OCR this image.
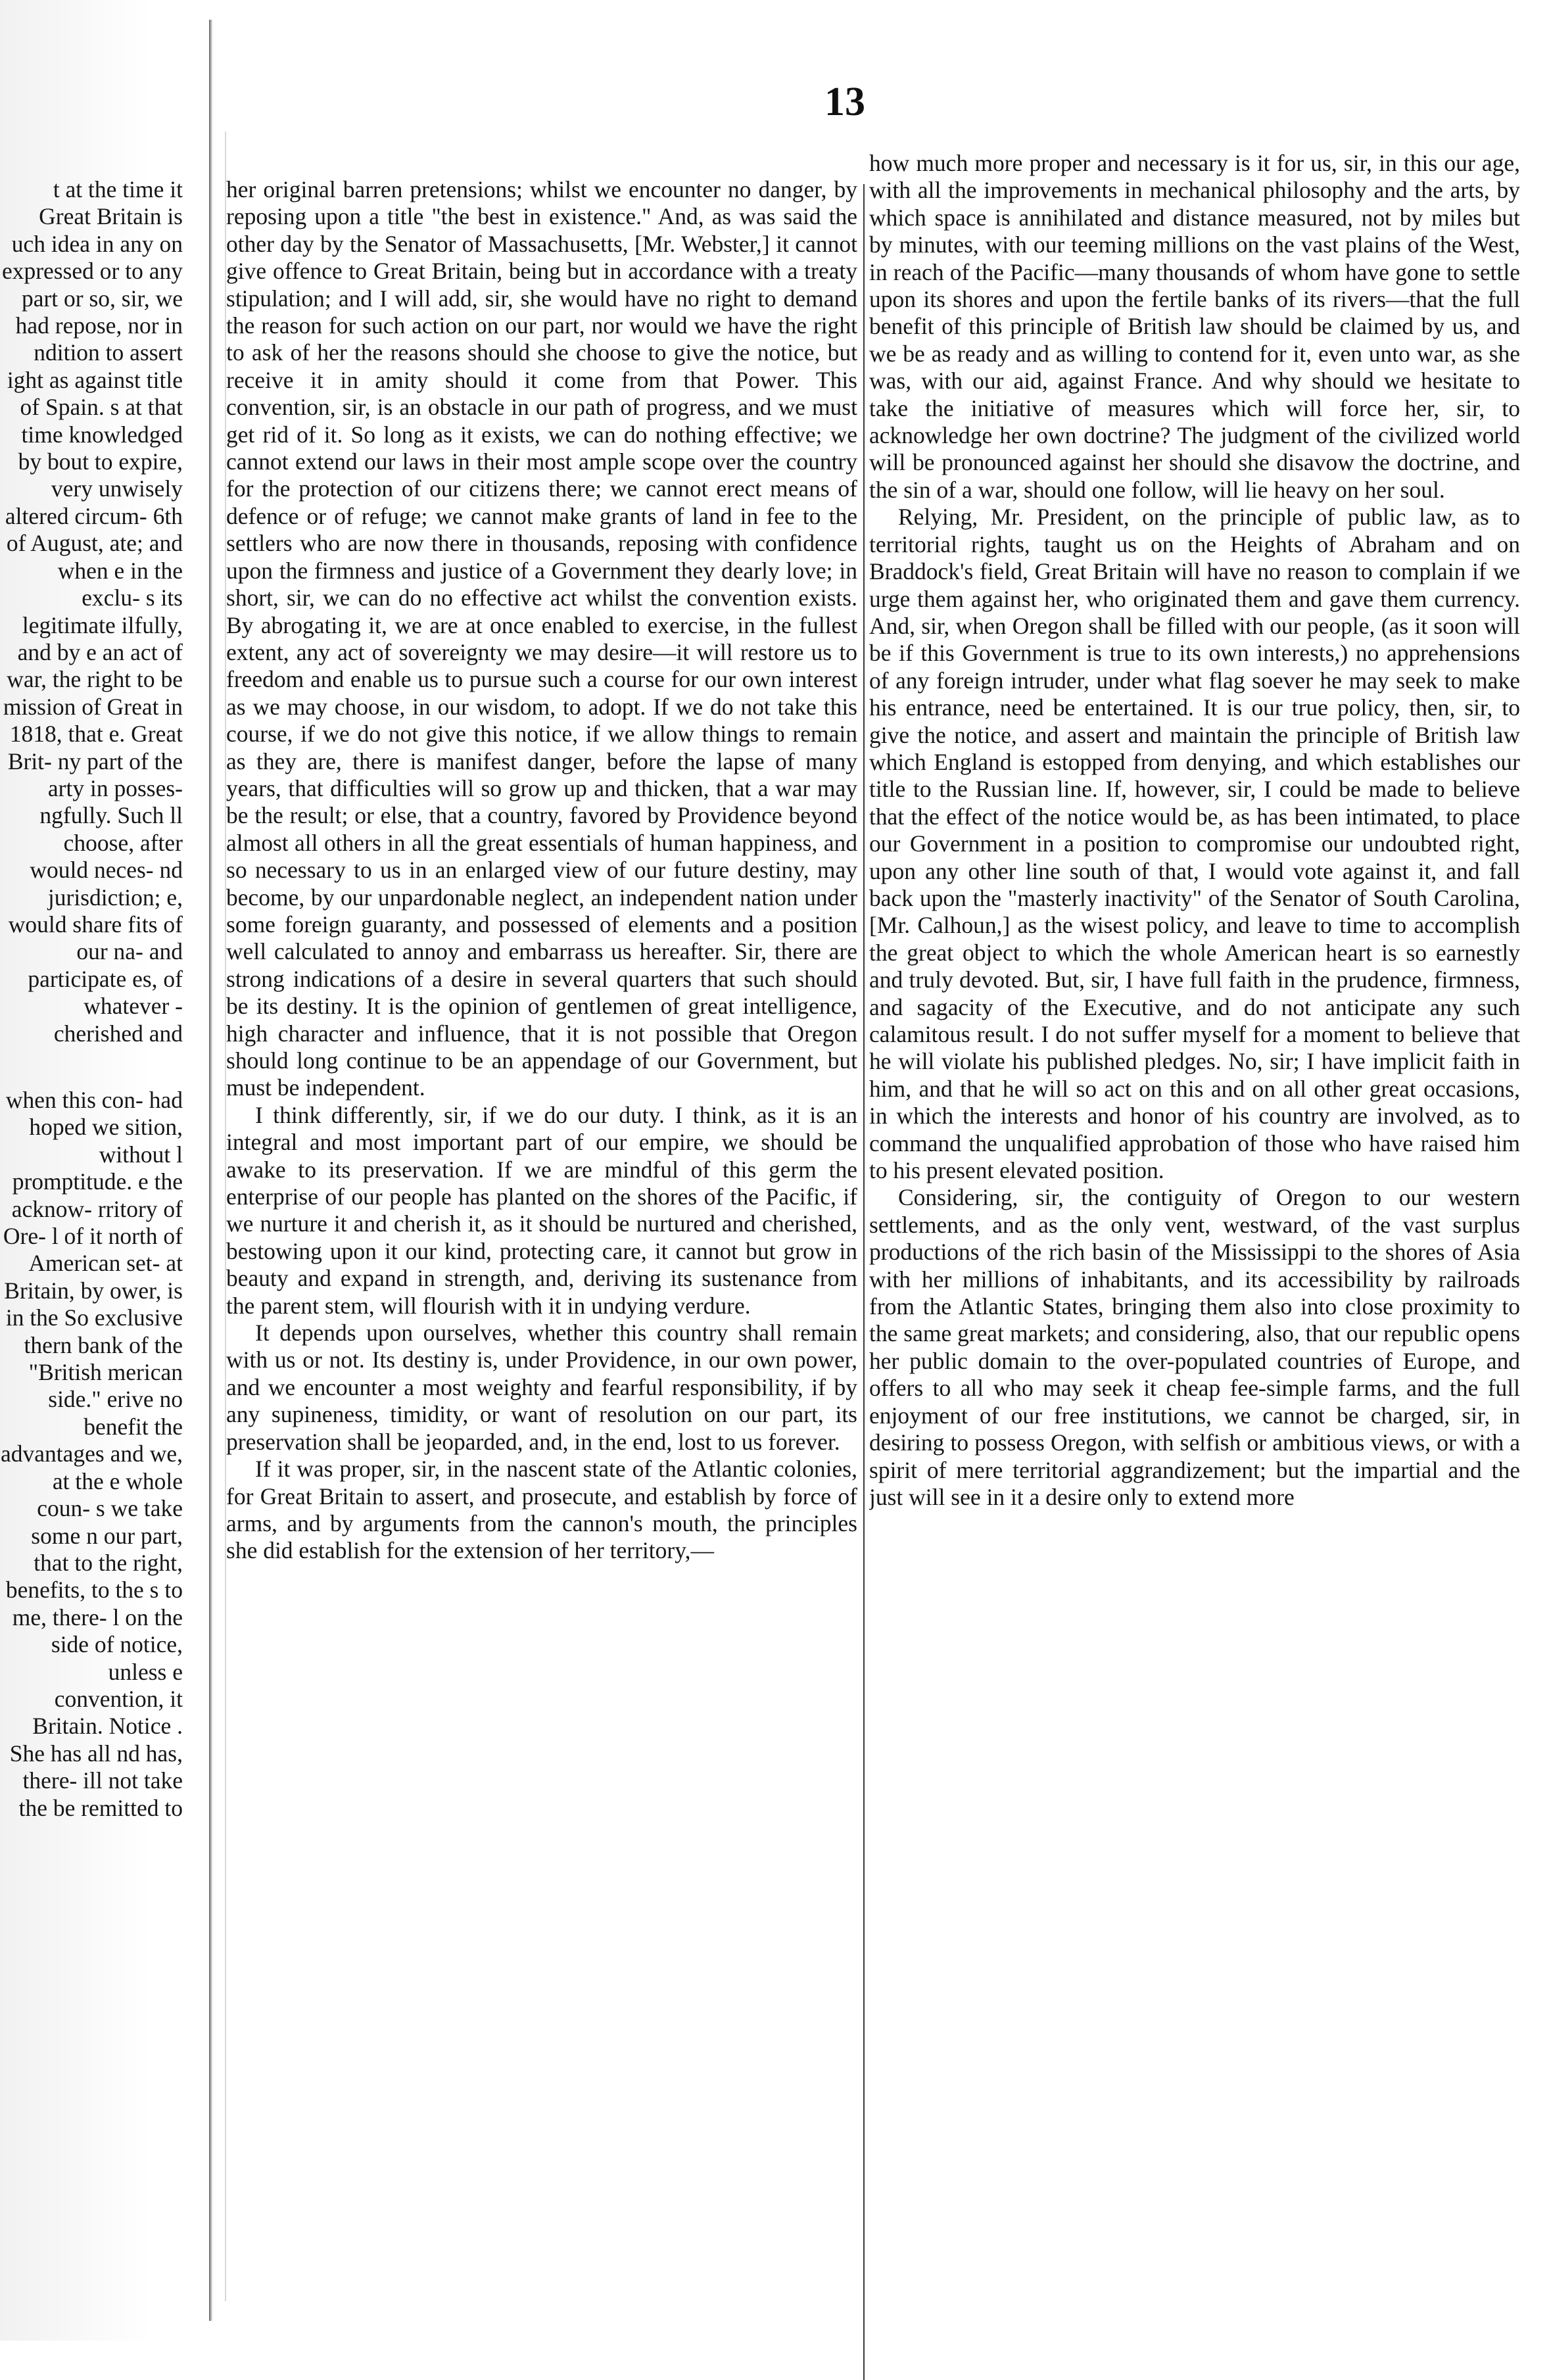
13

t at the time it Great Britain is uch idea in any on expressed or to any part or so, sir, we had repose, nor in ndition to assert ight as against title of Spain. s at that time knowledged by bout to expire, very unwisely altered circum- 6th of August, ate; and when e in the exclu- s its legitimate ilfully, and by e an act of war, the right to be mission of Great in 1818, that e. Great Brit- ny part of the arty in posses- ngfully. Such ll choose, after would neces- nd jurisdiction; e, would share fits of our na- and participate es, of whatever -cherished and

when this con- had hoped we sition, without l promptitude. e the acknow- rritory of Ore- l of it north of American set- at Britain, by ower, is in the So exclusive thern bank of the "British merican side." erive no benefit the advantages and we, at the e whole coun- s we take some n our part, that to the right, benefits, to the s to me, there- l on the side of notice, unless e convention, it Britain. Notice . She has all nd has, there- ill not take the be remitted to

her original barren pretensions; whilst we encounter no danger, by reposing upon a title "the best in existence." And, as was said the other day by the Senator of Massachusetts, [Mr. Webster,] it cannot give offence to Great Britain, being but in accordance with a treaty stipulation; and I will add, sir, she would have no right to demand the reason for such action on our part, nor would we have the right to ask of her the reasons should she choose to give the notice, but receive it in amity should it come from that Power. This convention, sir, is an obstacle in our path of progress, and we must get rid of it. So long as it exists, we can do nothing effective; we cannot extend our laws in their most ample scope over the country for the protection of our citizens there; we cannot erect means of defence or of refuge; we cannot make grants of land in fee to the settlers who are now there in thousands, reposing with confidence upon the firmness and justice of a Government they dearly love; in short, sir, we can do no effective act whilst the convention exists. By abrogating it, we are at once enabled to exercise, in the fullest extent, any act of sovereignty we may desire—it will restore us to freedom and enable us to pursue such a course for our own interest as we may choose, in our wisdom, to adopt. If we do not take this course, if we do not give this notice, if we allow things to remain as they are, there is manifest danger, before the lapse of many years, that difficulties will so grow up and thicken, that a war may be the result; or else, that a country, favored by Providence beyond almost all others in all the great essentials of human happiness, and so necessary to us in an enlarged view of our future destiny, may become, by our unpardonable neglect, an independent nation under some foreign guaranty, and possessed of elements and a position well calculated to annoy and embarrass us hereafter. Sir, there are strong indications of a desire in several quarters that such should be its destiny. It is the opinion of gentlemen of great intelligence, high character and influence, that it is not possible that Oregon should long continue to be an appendage of our Government, but must be independent.

I think differently, sir, if we do our duty. I think, as it is an integral and most important part of our empire, we should be awake to its preservation. If we are mindful of this germ the enterprise of our people has planted on the shores of the Pacific, if we nurture it and cherish it, as it should be nurtured and cherished, bestowing upon it our kind, protecting care, it cannot but grow in beauty and expand in strength, and, deriving its sustenance from the parent stem, will flourish with it in undying verdure.

It depends upon ourselves, whether this country shall remain with us or not. Its destiny is, under Providence, in our own power, and we encounter a most weighty and fearful responsibility, if by any supineness, timidity, or want of resolution on our part, its preservation shall be jeoparded, and, in the end, lost to us forever.

If it was proper, sir, in the nascent state of the Atlantic colonies, for Great Britain to assert, and prosecute, and establish by force of arms, and by arguments from the cannon's mouth, the principles she did establish for the extension of her territory,—

how much more proper and necessary is it for us, sir, in this our age, with all the improvements in mechanical philosophy and the arts, by which space is annihilated and distance measured, not by miles but by minutes, with our teeming millions on the vast plains of the West, in reach of the Pacific—many thousands of whom have gone to settle upon its shores and upon the fertile banks of its rivers—that the full benefit of this principle of British law should be claimed by us, and we be as ready and as willing to contend for it, even unto war, as she was, with our aid, against France. And why should we hesitate to take the initiative of measures which will force her, sir, to acknowledge her own doctrine? The judgment of the civilized world will be pronounced against her should she disavow the doctrine, and the sin of a war, should one follow, will lie heavy on her soul.

Relying, Mr. President, on the principle of public law, as to territorial rights, taught us on the Heights of Abraham and on Braddock's field, Great Britain will have no reason to complain if we urge them against her, who originated them and gave them currency. And, sir, when Oregon shall be filled with our people, (as it soon will be if this Government is true to its own interests,) no apprehensions of any foreign intruder, under what flag soever he may seek to make his entrance, need be entertained. It is our true policy, then, sir, to give the notice, and assert and maintain the principle of British law which England is estopped from denying, and which establishes our title to the Russian line. If, however, sir, I could be made to believe that the effect of the notice would be, as has been intimated, to place our Government in a position to compromise our undoubted right, upon any other line south of that, I would vote against it, and fall back upon the "masterly inactivity" of the Senator of South Carolina, [Mr. Calhoun,] as the wisest policy, and leave to time to accomplish the great object to which the whole American heart is so earnestly and truly devoted. But, sir, I have full faith in the prudence, firmness, and sagacity of the Executive, and do not anticipate any such calamitous result. I do not suffer myself for a moment to believe that he will violate his published pledges. No, sir; I have implicit faith in him, and that he will so act on this and on all other great occasions, in which the interests and honor of his country are involved, as to command the unqualified approbation of those who have raised him to his present elevated position.

Considering, sir, the contiguity of Oregon to our western settlements, and as the only vent, westward, of the vast surplus productions of the rich basin of the Mississippi to the shores of Asia with her millions of inhabitants, and its accessibility by railroads from the Atlantic States, bringing them also into close proximity to the same great markets; and considering, also, that our republic opens her public domain to the over-populated countries of Europe, and offers to all who may seek it cheap fee-simple farms, and the full enjoyment of our free institutions, we cannot be charged, sir, in desiring to possess Oregon, with selfish or ambitious views, or with a spirit of mere territorial aggrandizement; but the impartial and the just will see in it a desire only to extend more
